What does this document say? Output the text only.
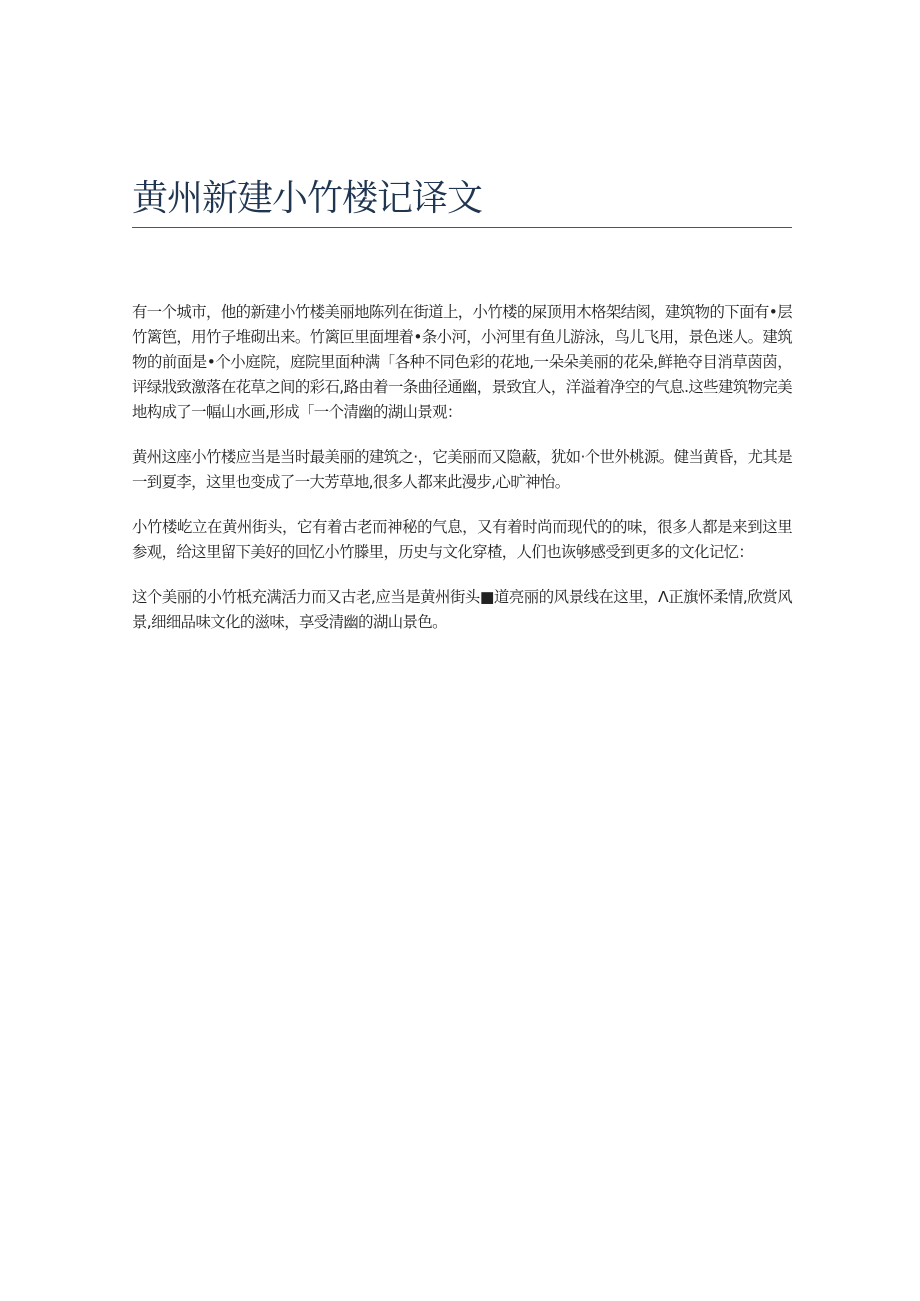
黄州新建小竹楼记译文

有一个城市，他的新建小竹楼美丽地陈列在街道上，小竹楼的屎顶用木格架结阂，建筑物的下面有•层竹篱笆，用竹子堆砌出来。竹篱叵里面埋着•条小河，小河里有鱼儿游泳，鸟儿飞用，景色迷人。建筑物的前面是•个小庭院，庭院里面种满「各种不同色彩的花地,一朵朵美丽的花朵,鲜艳夺目消草茵茵，评绿戕致激落在花草之间的彩石,路由着一条曲径通幽，景致宜人，洋溢着净空的气息.这些建筑物完美地构成了一幅山水画,形成「一个清幽的湖山景观：

黄州这座小竹楼应当是当时最美丽的建筑之·，它美丽而又隐蔽，犹如·个世外桃源。健当黄昏，尤其是一到夏李，这里也变成了一大芳草地,很多人都来此漫步,心旷神怡。

小竹楼屹立在黄州街头，它有着古老而神秘的气息，又有着时尚而现代的的味，很多人都是来到这里参观，给这里留下美好的回忆小竹滕里，历史与文化穿楂，人们也诙够感受到更多的文化记忆：

这个美丽的小竹柢充满活力而又古老,应当是黄州街头■道亮丽的风景线在这里，Λ正旗怀柔情,欣赏风景,细细品味文化的滋味，享受清幽的湖山景色。
